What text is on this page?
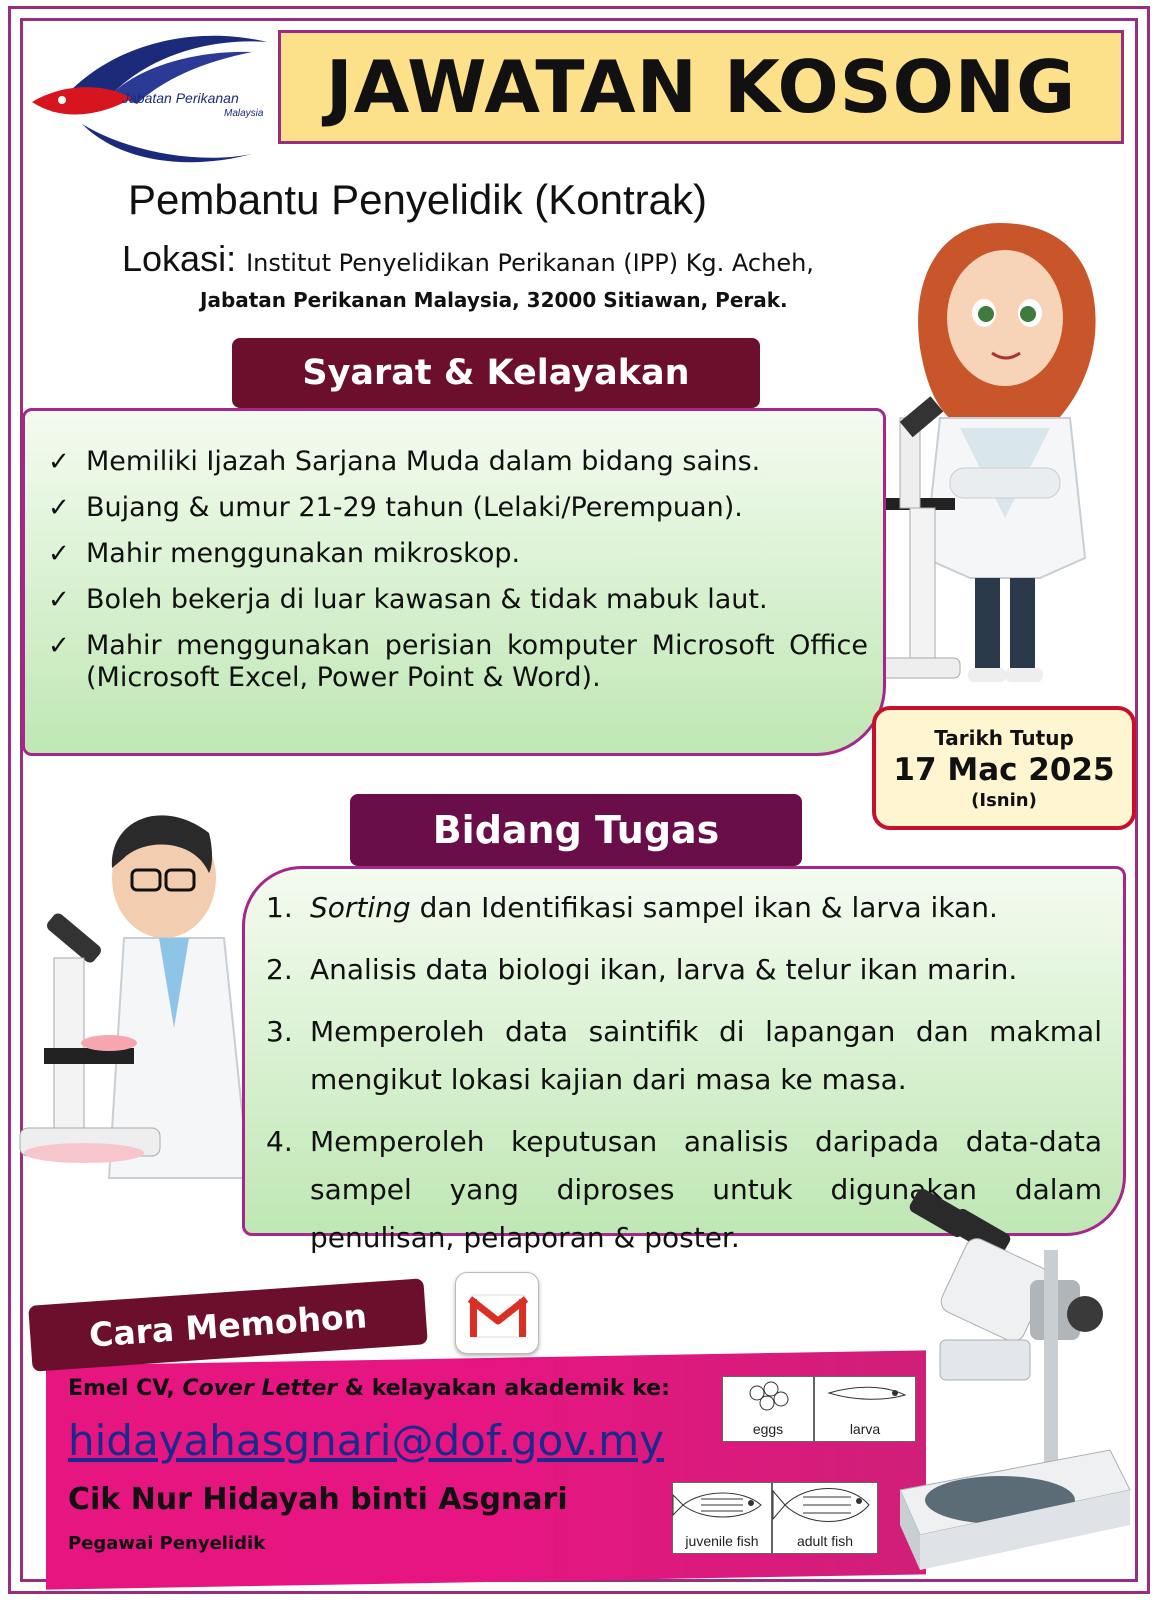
Jabatan Perikanan
Malaysia JAWATAN KOSONG
Pembantu Penyelidik (Kontrak)
Lokasi: Institut Penyelidikan Perikanan (IPP) Kg. Acheh,
Jabatan Perikanan Malaysia, 32000 Sitiawan, Perak.
Syarat & Kelayakan
✓ Memiliki Ijazah Sarjana Muda dalam bidang sains.
✓ Bujang & umur 21-29 tahun (Lelaki/Perempuan).
✓ Mahir menggunakan mikroskop.
✓ Boleh bekerja di luar kawasan & tidak mabuk laut.
✓ Mahir menggunakan perisian komputer Microsoft Office (Microsoft Excel, Power Point & Word).
Tarikh Tutup
17 Mac 2025
(Isnin)
Bidang Tugas
1. Sorting dan Identifikasi sampel ikan & larva ikan.
2. Analisis data biologi ikan, larva & telur ikan marin.
3. Memperoleh data saintifik di lapangan dan makmal mengikut lokasi kajian dari masa ke masa.
4. Memperoleh keputusan analisis daripada data-data sampel yang diproses untuk digunakan dalam penulisan, pelaporan & poster.
Cara Memohon
Emel CV, Cover Letter & kelayakan akademik ke:
hidayahasgnari@dof.gov.my
Cik Nur Hidayah binti Asgnari
Pegawai Penyelidik
eggs	larva
juvenile fish	adult fish
